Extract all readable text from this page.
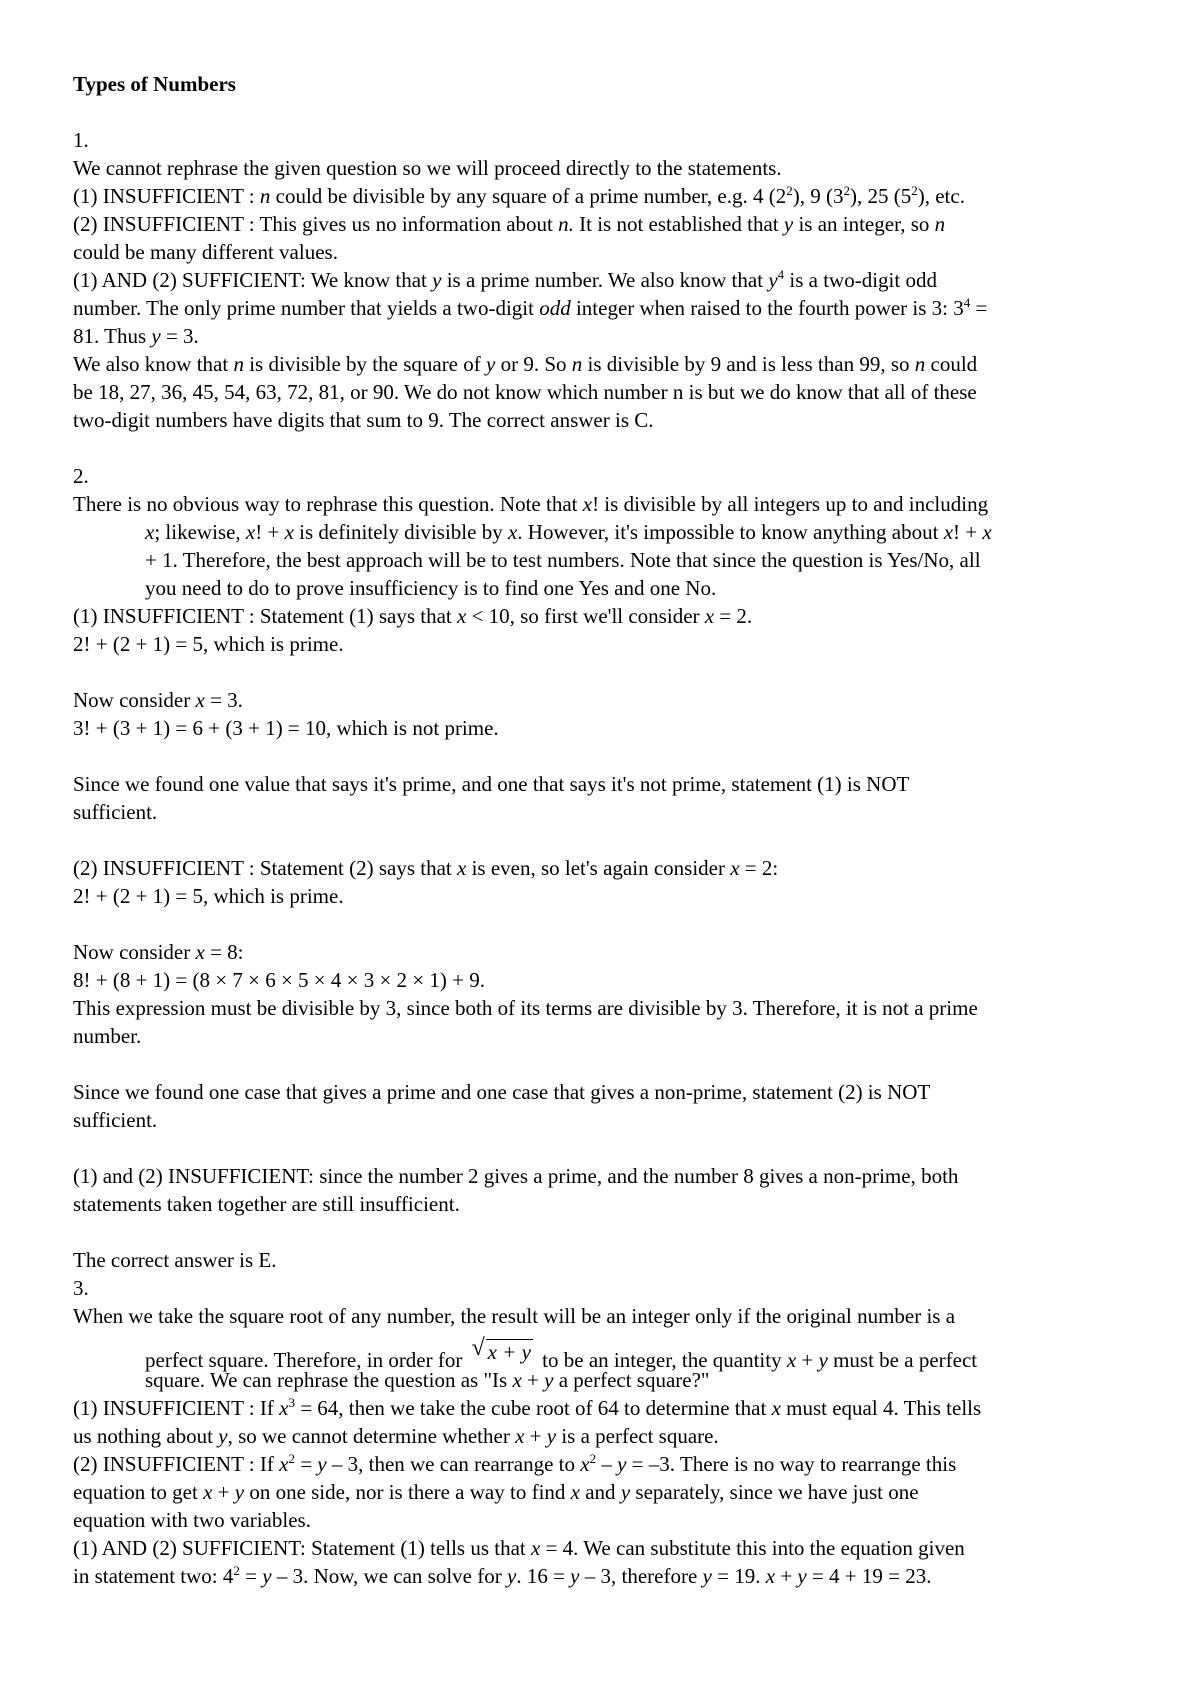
Types of Numbers
1.
We cannot rephrase the given question so we will proceed directly to the statements.
(1) INSUFFICIENT : n could be divisible by any square of a prime number, e.g. 4 $(2^2)$, 9 $(3^2)$, 25 $(5^2)$, etc.
(2) INSUFFICIENT : This gives us no information about n. It is not established that y is an integer, so n
could be many different values.
(1) AND (2) SUFFICIENT: We know that y is a prime number. We also know that $y^4$ is a two-digit odd
number. The only prime number that yields a two-digit odd integer when raised to the fourth power is 3: $3^4$ =
81. Thus y = 3.
We also know that n is divisible by the square of y or 9. So n is divisible by 9 and is less than 99, so n could
be 18, 27, 36, 45, 54, 63, 72, 81, or 90. We do not know which number n is but we do know that all of these
two-digit numbers have digits that sum to 9. The correct answer is C.
2.
There is no obvious way to rephrase this question. Note that x! is divisible by all integers up to and including
x; likewise, x! + x is definitely divisible by x. However, it's impossible to know anything about x! + x
+ 1. Therefore, the best approach will be to test numbers. Note that since the question is Yes/No, all
you need to do to prove insufficiency is to find one Yes and one No.
(1) INSUFFICIENT : Statement (1) says that x < 10, so first we'll consider x = 2.
2! + (2 + 1) = 5, which is prime.
Now consider x = 3.
3! + (3 + 1) = 6 + (3 + 1) = 10, which is not prime.
Since we found one value that says it's prime, and one that says it's not prime, statement (1) is NOT
sufficient.
(2) INSUFFICIENT : Statement (2) says that x is even, so let's again consider x = 2:
2! + (2 + 1) = 5, which is prime.
Now consider x = 8:
8! + (8 + 1) = (8 × 7 × 6 × 5 × 4 × 3 × 2 × 1) + 9.
This expression must be divisible by 3, since both of its terms are divisible by 3. Therefore, it is not a prime
number.
Since we found one case that gives a prime and one case that gives a non-prime, statement (2) is NOT
sufficient.
(1) and (2) INSUFFICIENT: since the number 2 gives a prime, and the number 8 gives a non-prime, both
statements taken together are still insufficient.
The correct answer is E.
3.
When we take the square root of any number, the result will be an integer only if the original number is a
perfect square. Therefore, in order for √ x + y to be an integer, the quantity x + y must be a perfect
square. We can rephrase the question as "Is x + y a perfect square?"
(1) INSUFFICIENT : If $x^3 = 64$, then we take the cube root of 64 to determine that x must equal 4. This tells
us nothing about y, so we cannot determine whether x + y is a perfect square.
(2) INSUFFICIENT : If $x^2 = y - 3$, then we can rearrange to $x^2 - y = -3$. There is no way to rearrange this
equation to get x + y on one side, nor is there a way to find x and y separately, since we have just one
equation with two variables.
(1) AND (2) SUFFICIENT: Statement (1) tells us that x = 4. We can substitute this into the equation given
in statement two: $4^2 = y - 3$. Now, we can solve for y. 16 = y – 3, therefore y = 19. x + y = 4 + 19 = 23.
